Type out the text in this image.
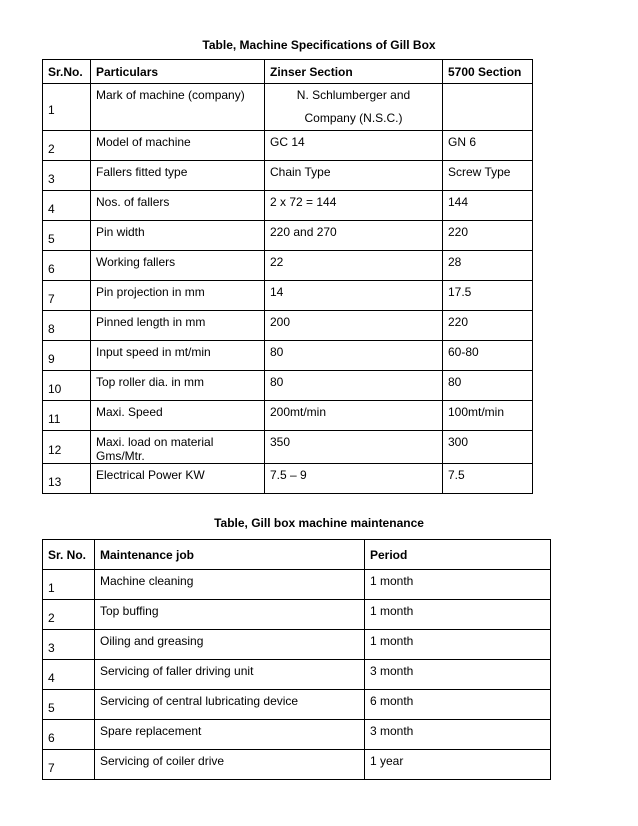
Table, Machine Specifications of Gill Box
Sr.No.	Particulars	Zinser Section	5700 Section
1	Mark of machine (company)	N. Schlumberger and Company (N.S.C.)	
2	Model of machine	GC 14	GN 6
3	Fallers fitted type	Chain Type	Screw Type
4	Nos. of fallers	2 x 72 = 144	144
5	Pin width	220 and 270	220
6	Working fallers	22	28
7	Pin projection in mm	14	17.5
8	Pinned length in mm	200	220
9	Input speed in mt/min	80	60-80
10	Top roller dia. in mm	80	80
11	Maxi. Speed	200mt/min	100mt/min
12	Maxi. load on material Gms/Mtr.	350	300
13	Electrical Power KW	7.5 – 9	7.5
Table, Gill box machine maintenance
Sr. No.	Maintenance job	Period
1	Machine cleaning	1 month
2	Top buffing	1 month
3	Oiling and greasing	1 month
4	Servicing of faller driving unit	3 month
5	Servicing of central lubricating device	6 month
6	Spare replacement	3 month
7	Servicing of coiler drive	1 year
